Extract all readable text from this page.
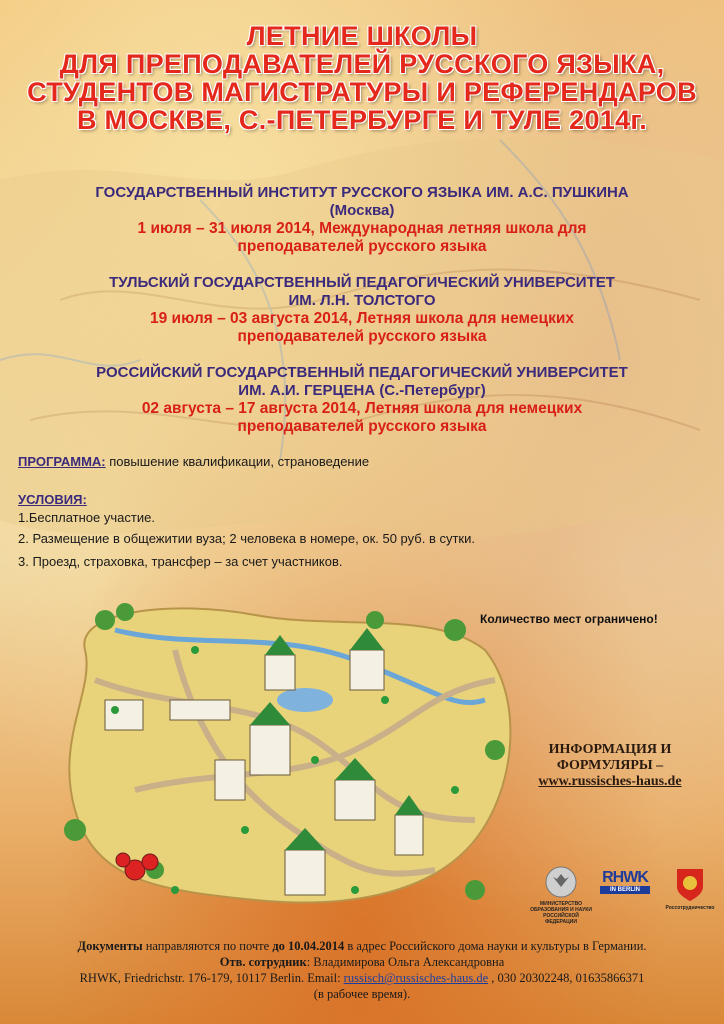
ЛЕТНИЕ ШКОЛЫ
ДЛЯ ПРЕПОДАВАТЕЛЕЙ РУССКОГО ЯЗЫКА,
СТУДЕНТОВ МАГИСТРАТУРЫ И РЕФЕРЕНДАРОВ
В МОСКВЕ, С.-ПЕТЕРБУРГЕ И ТУЛЕ 2014г.
ГОСУДАРСТВЕННЫЙ ИНСТИТУТ РУССКОГО ЯЗЫКА ИМ. А.С. ПУШКИНА
(Москва)
1 июля – 31 июля 2014, Международная летняя школа для
преподавателей русского языка
ТУЛЬСКИЙ ГОСУДАРСТВЕННЫЙ ПЕДАГОГИЧЕСКИЙ УНИВЕРСИТЕТ
ИМ. Л.Н. ТОЛСТОГО
19 июля – 03 августа 2014, Летняя школа для немецких
преподавателей русского языка
РОССИЙСКИЙ ГОСУДАРСТВЕННЫЙ ПЕДАГОГИЧЕСКИЙ УНИВЕРСИТЕТ
ИМ. А.И. ГЕРЦЕНА (С.-Петербург)
02 августа – 17 августа 2014, Летняя школа для немецких
преподавателей русского языка
ПРОГРАММА: повышение квалификации, страноведение
УСЛОВИЯ:
1.Бесплатное участие.
2. Размещение в общежитии вуза; 2 человека в номере, ок. 50 руб. в сутки.
3. Проезд, страховка, трансфер – за счет участников.
Количество мест ограничено!
ИНФОРМАЦИЯ И
ФОРМУЛЯРЫ –
www.russisches-haus.de
МИНИСТЕРСТВО ОБРАЗОВАНИЯ И НАУКИ РОССИЙСКОЙ ФЕДЕРАЦИИ
RHWK
IN BERLIN
Россотрудничество
Документы направляются по почте до 10.04.2014 в адрес Российского дома науки и культуры в Германии.
Отв. сотрудник: Владимирова Ольга Александровна
RHWK, Friedrichstr. 176-179, 10117 Berlin. Email: russisch@russisches-haus.de , 030 20302248, 01635866371
(в рабочее время).
